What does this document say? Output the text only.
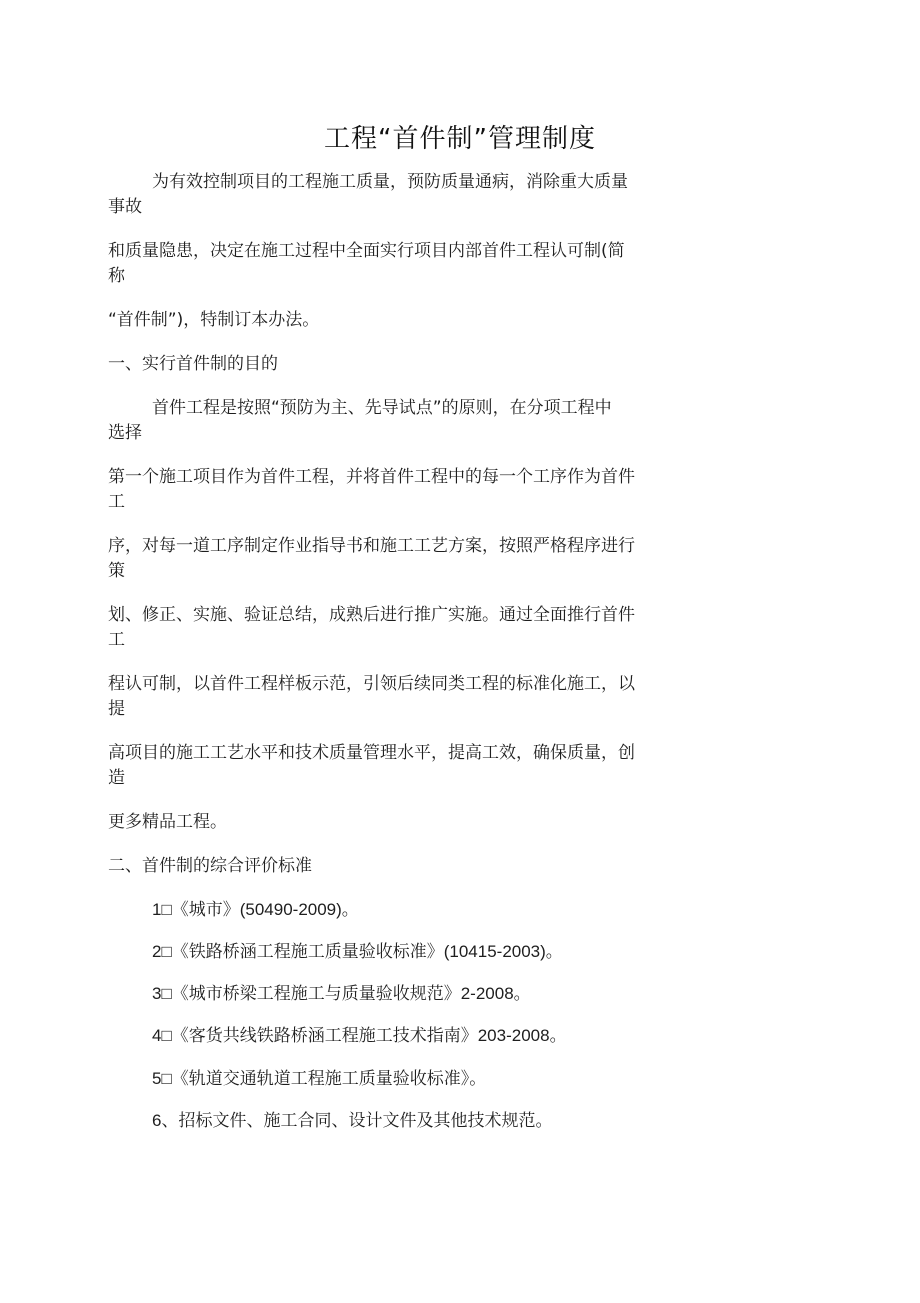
工程“首件制”管理制度
为有效控制项目的工程施工质量，预防质量通病，消除重大质量
事故
和质量隐患，决定在施工过程中全面实行项目内部首件工程认可制(简
称
“首件制”)，特制订本办法。
一、实行首件制的目的
首件工程是按照“预防为主、先导试点”的原则，在分项工程中
选择
第一个施工项目作为首件工程，并将首件工程中的每一个工序作为首件
工
序，对每一道工序制定作业指导书和施工工艺方案，按照严格程序进行
策
划、修正、实施、验证总结，成熟后进行推广实施。通过全面推行首件
工
程认可制，以首件工程样板示范，引领后续同类工程的标准化施工，以
提
高项目的施工工艺水平和技术质量管理水平，提高工效，确保质量，创
造
更多精品工程。
二、首件制的综合评价标准
1□《城市》(50490-2009)。
2□《铁路桥涵工程施工质量验收标准》(10415-2003)。
3□《城市桥梁工程施工与质量验收规范》2-2008。
4□《客货共线铁路桥涵工程施工技术指南》203-2008。
5□《轨道交通轨道工程施工质量验收标准》。
6、招标文件、施工合同、设计文件及其他技术规范。
